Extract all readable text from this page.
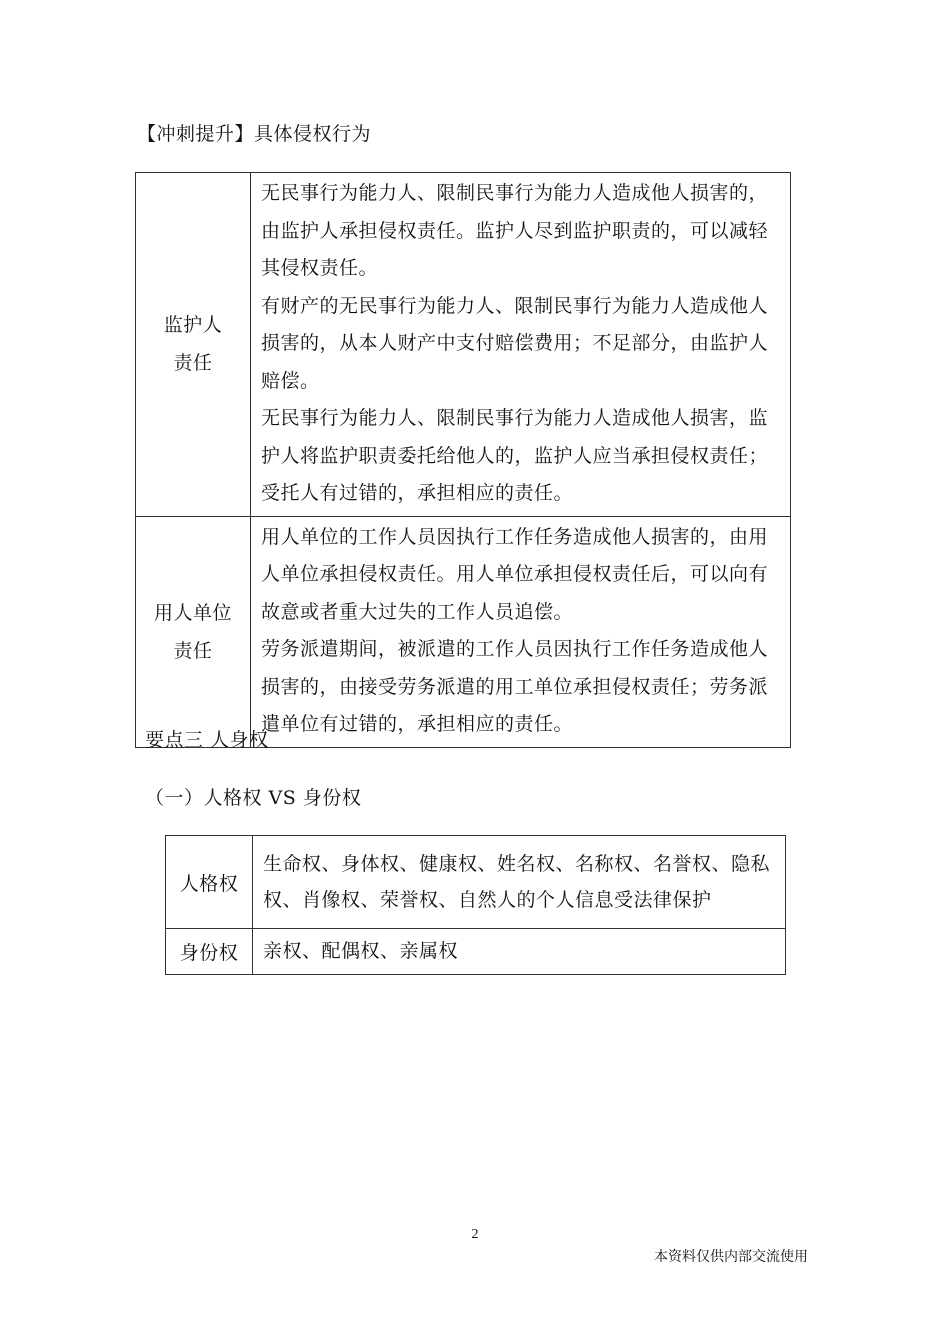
【冲刺提升】具体侵权行为
监护人
责任	无民事行为能力人、限制民事行为能力人造成他人损害的，由监护人承担侵权责任。监护人尽到监护职责的，可以减轻其侵权责任。
有财产的无民事行为能力人、限制民事行为能力人造成他人损害的，从本人财产中支付赔偿费用；不足部分，由监护人赔偿。
无民事行为能力人、限制民事行为能力人造成他人损害，监护人将监护职责委托给他人的，监护人应当承担侵权责任；受托人有过错的，承担相应的责任。

用人单位
责任	用人单位的工作人员因执行工作任务造成他人损害的，由用人单位承担侵权责任。用人单位承担侵权责任后，可以向有故意或者重大过失的工作人员追偿。
劳务派遣期间，被派遣的工作人员因执行工作任务造成他人损害的，由接受劳务派遣的用工单位承担侵权责任；劳务派遣单位有过错的，承担相应的责任。
要点三 人身权
（一）人格权 VS 身份权
人格权	生命权、身体权、健康权、姓名权、名称权、名誉权、隐私权、肖像权、荣誉权、自然人的个人信息受法律保护
身份权	亲权、配偶权、亲属权
2
本资料仅供内部交流使用
